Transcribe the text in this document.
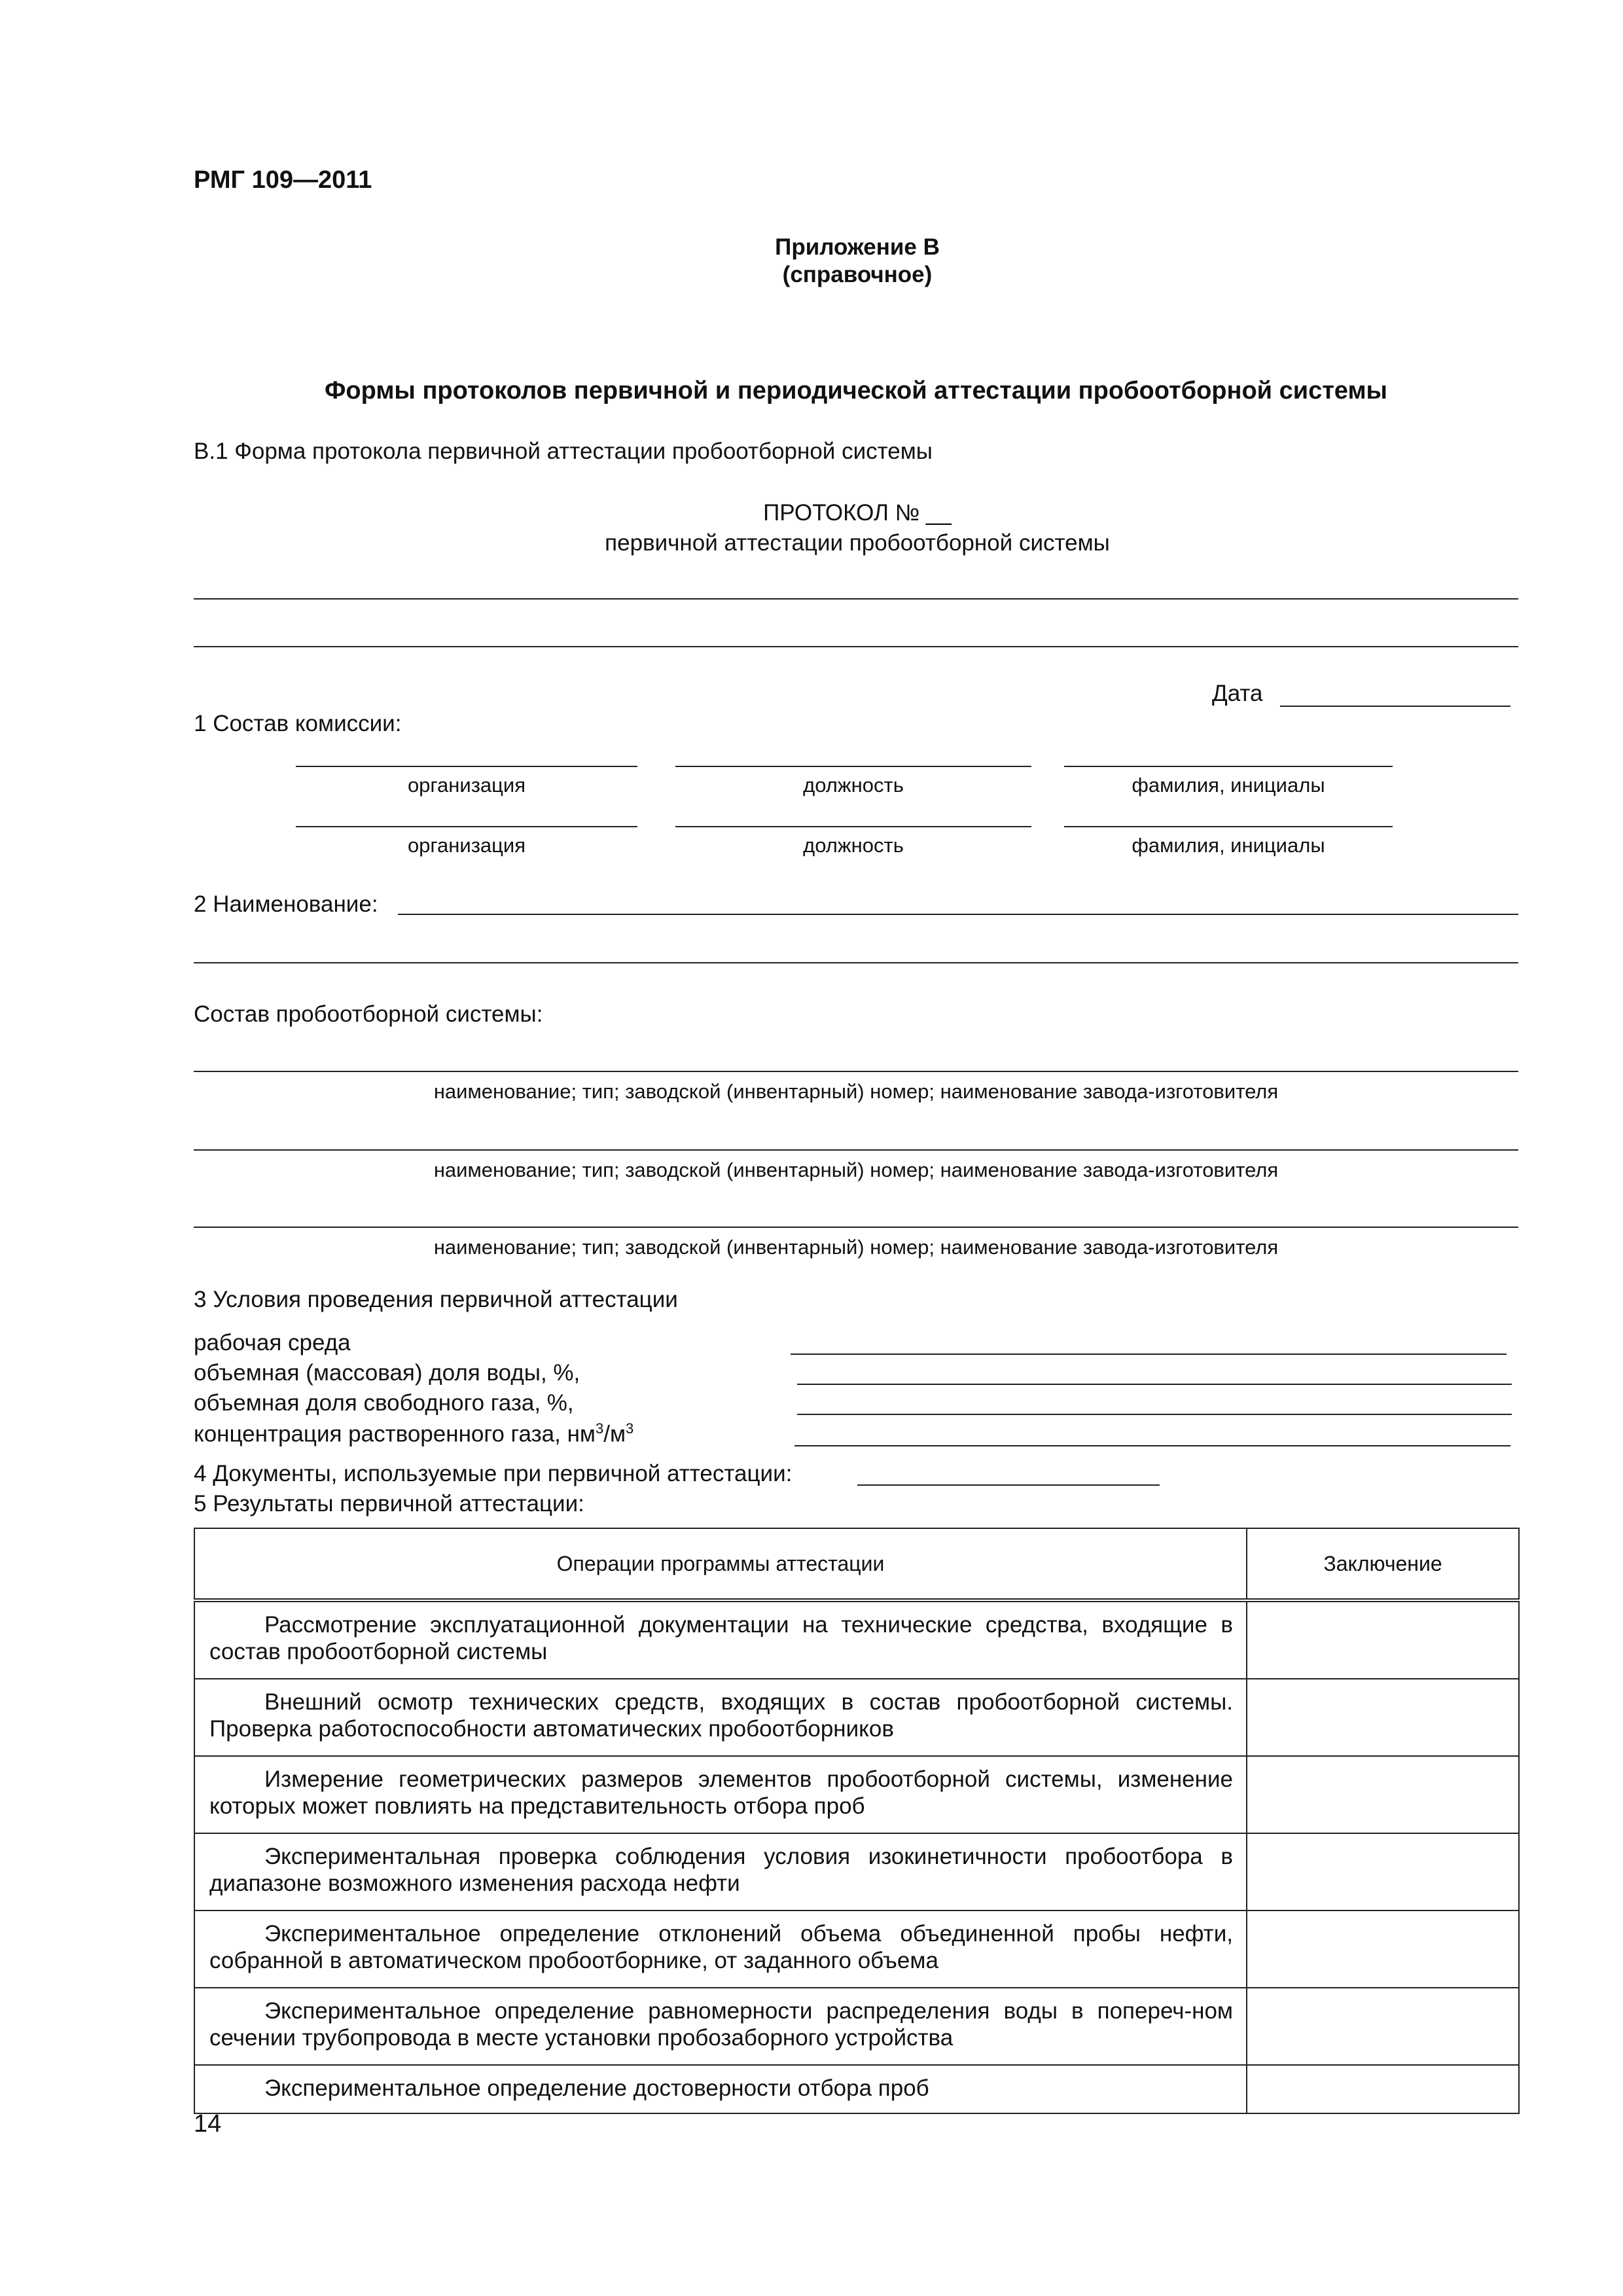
РМГ 109—2011
Приложение В
(справочное)
Формы протоколов первичной и периодической аттестации пробоотборной системы
В.1 Форма протокола первичной аттестации пробоотборной системы
ПРОТОКОЛ № __
первичной аттестации пробоотборной системы
Дата
1 Состав комиссии:
организация	должность	фамилия, инициалы
организация	должность	фамилия, инициалы
2 Наименование:
Состав пробоотборной системы:
наименование; тип; заводской (инвентарный) номер; наименование завода-изготовителя
наименование; тип; заводской (инвентарный) номер; наименование завода-изготовителя
наименование; тип; заводской (инвентарный) номер; наименование завода-изготовителя
3 Условия проведения первичной аттестации
рабочая среда
объемная (массовая) доля воды, %,
объемная доля свободного газа, %,
концентрация растворенного газа, $нм^3/м^3$
4 Документы, используемые при первичной аттестации:
5 Результаты первичной аттестации:
Операции программы аттестации	Заключение

Рассмотрение эксплуатационной документации на технические средства, входящие в состав пробоотборной системы	

Внешний осмотр технических средств, входящих в состав пробоотборной системы. Проверка работоспособности автоматических пробоотборников	

Измерение геометрических размеров элементов пробоотборной системы, изменение которых может повлиять на представительность отбора проб	

Экспериментальная проверка соблюдения условия изокинетичности пробоотбора в диапазоне возможного изменения расхода нефти	

Экспериментальное определение отклонений объема объединенной пробы нефти, собранной в автоматическом пробоотборнике, от заданного объема	

Экспериментальное определение равномерности распределения воды в попереч-ном сечении трубопровода в месте установки пробозаборного устройства	

Экспериментальное определение достоверности отбора проб	

14
